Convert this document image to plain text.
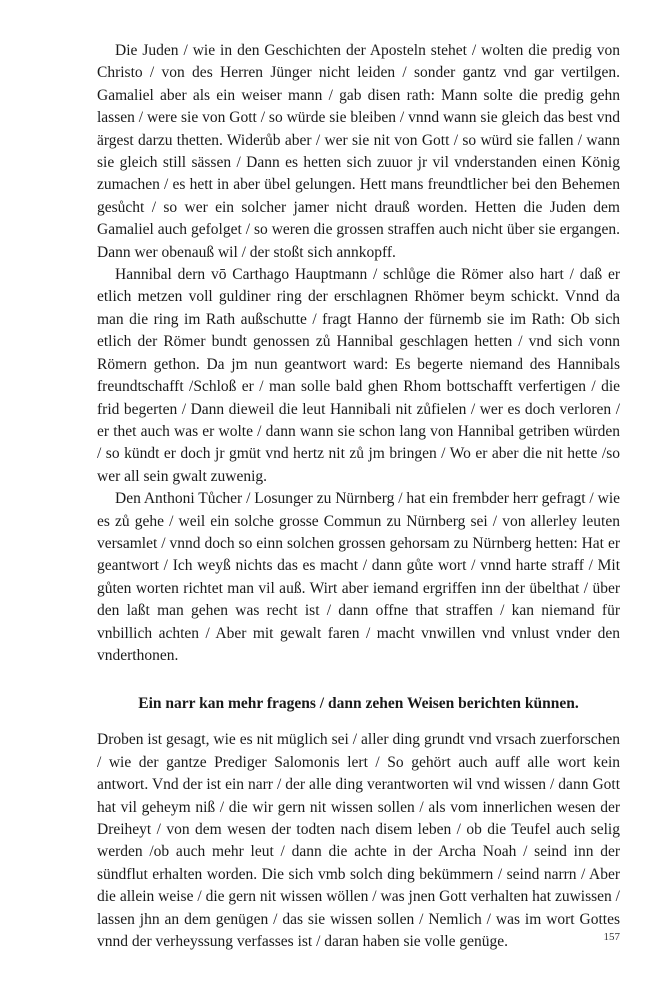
Die Juden / wie in den Geschichten der Aposteln stehet / wolten die predig von Christo / von des Herren Jünger nicht leiden / sonder gantz vnd gar vertilgen. Gamaliel aber als ein weiser mann / gab disen rath: Mann solte die predig gehn lassen / were sie von Gott / so würde sie bleiben / vnnd wann sie gleich das best vnd ärgest darzu thetten. Widerůb aber / wer sie nit von Gott / so würd sie fallen / wann sie gleich still sässen / Dann es hetten sich zuuor jr vil vnderstanden einen König zumachen / es hett in aber übel gelungen. Hett mans freundtlicher bei den Behemen gesůcht / so wer ein solcher jamer nicht drauß worden. Hetten die Juden dem Gamaliel auch gefolget / so weren die grossen straffen auch nicht über sie ergangen. Dann wer obenauß wil / der stoßt sich annkopff.

Hannibal dern vō Carthago Hauptmann / schlůge die Römer also hart / daß er etlich metzen voll guldiner ring der erschlagnen Rhömer beym schickt. Vnnd da man die ring im Rath außschutte / fragt Hanno der fürnemb sie im Rath: Ob sich etlich der Römer bundt genossen zů Hannibal geschlagen hetten / vnd sich vonn Römern gethon. Da jm nun geantwort ward: Es begerte niemand des Hannibals freundtschafft /Schloß er / man solle bald ghen Rhom bottschafft verfertigen / die frid begerten / Dann dieweil die leut Hannibali nit zůfielen / wer es doch verloren / er thet auch was er wolte / dann wann sie schon lang von Hannibal getriben würden / so kündt er doch jr gmüt vnd hertz nit zů jm bringen / Wo er aber die nit hette /so wer all sein gwalt zuwenig.

Den Anthoni Tůcher / Losunger zu Nürnberg / hat ein frembder herr gefragt / wie es zů gehe / weil ein solche grosse Commun zu Nürnberg sei / von allerley leuten versamlet / vnnd doch so einn solchen grossen gehorsam zu Nürnberg hetten: Hat er geantwort / Ich weyß nichts das es macht / dann gůte wort / vnnd harte straff / Mit gůten worten richtet man vil auß. Wirt aber iemand ergriffen inn der übelthat / über den laßt man gehen was recht ist / dann offne that straffen / kan niemand für vnbillich achten / Aber mit gewalt faren / macht vnwillen vnd vnlust vnder den vnderthonen.

Ein narr kan mehr fragens / dann zehen Weisen berichten künnen.

Droben ist gesagt, wie es nit müglich sei / aller ding grundt vnd vrsach zuerforschen / wie der gantze Prediger Salomonis lert / So gehört auch auff alle wort kein antwort. Vnd der ist ein narr / der alle ding verantworten wil vnd wissen / dann Gott hat vil geheym niß / die wir gern nit wissen sollen / als vom innerlichen wesen der Dreiheyt / von dem wesen der todten nach disem leben / ob die Teufel auch selig werden /ob auch mehr leut / dann die achte in der Archa Noah / seind inn der sündflut erhalten worden. Die sich vmb solch ding bekümmern / seind narrn / Aber die allein weise / die gern nit wissen wöllen / was jnen Gott verhalten hat zuwissen / lassen jhn an dem genügen / das sie wissen sollen / Nemlich / was im wort Gottes vnnd der verheyssung verfasses ist / daran haben sie volle genüge.	157
